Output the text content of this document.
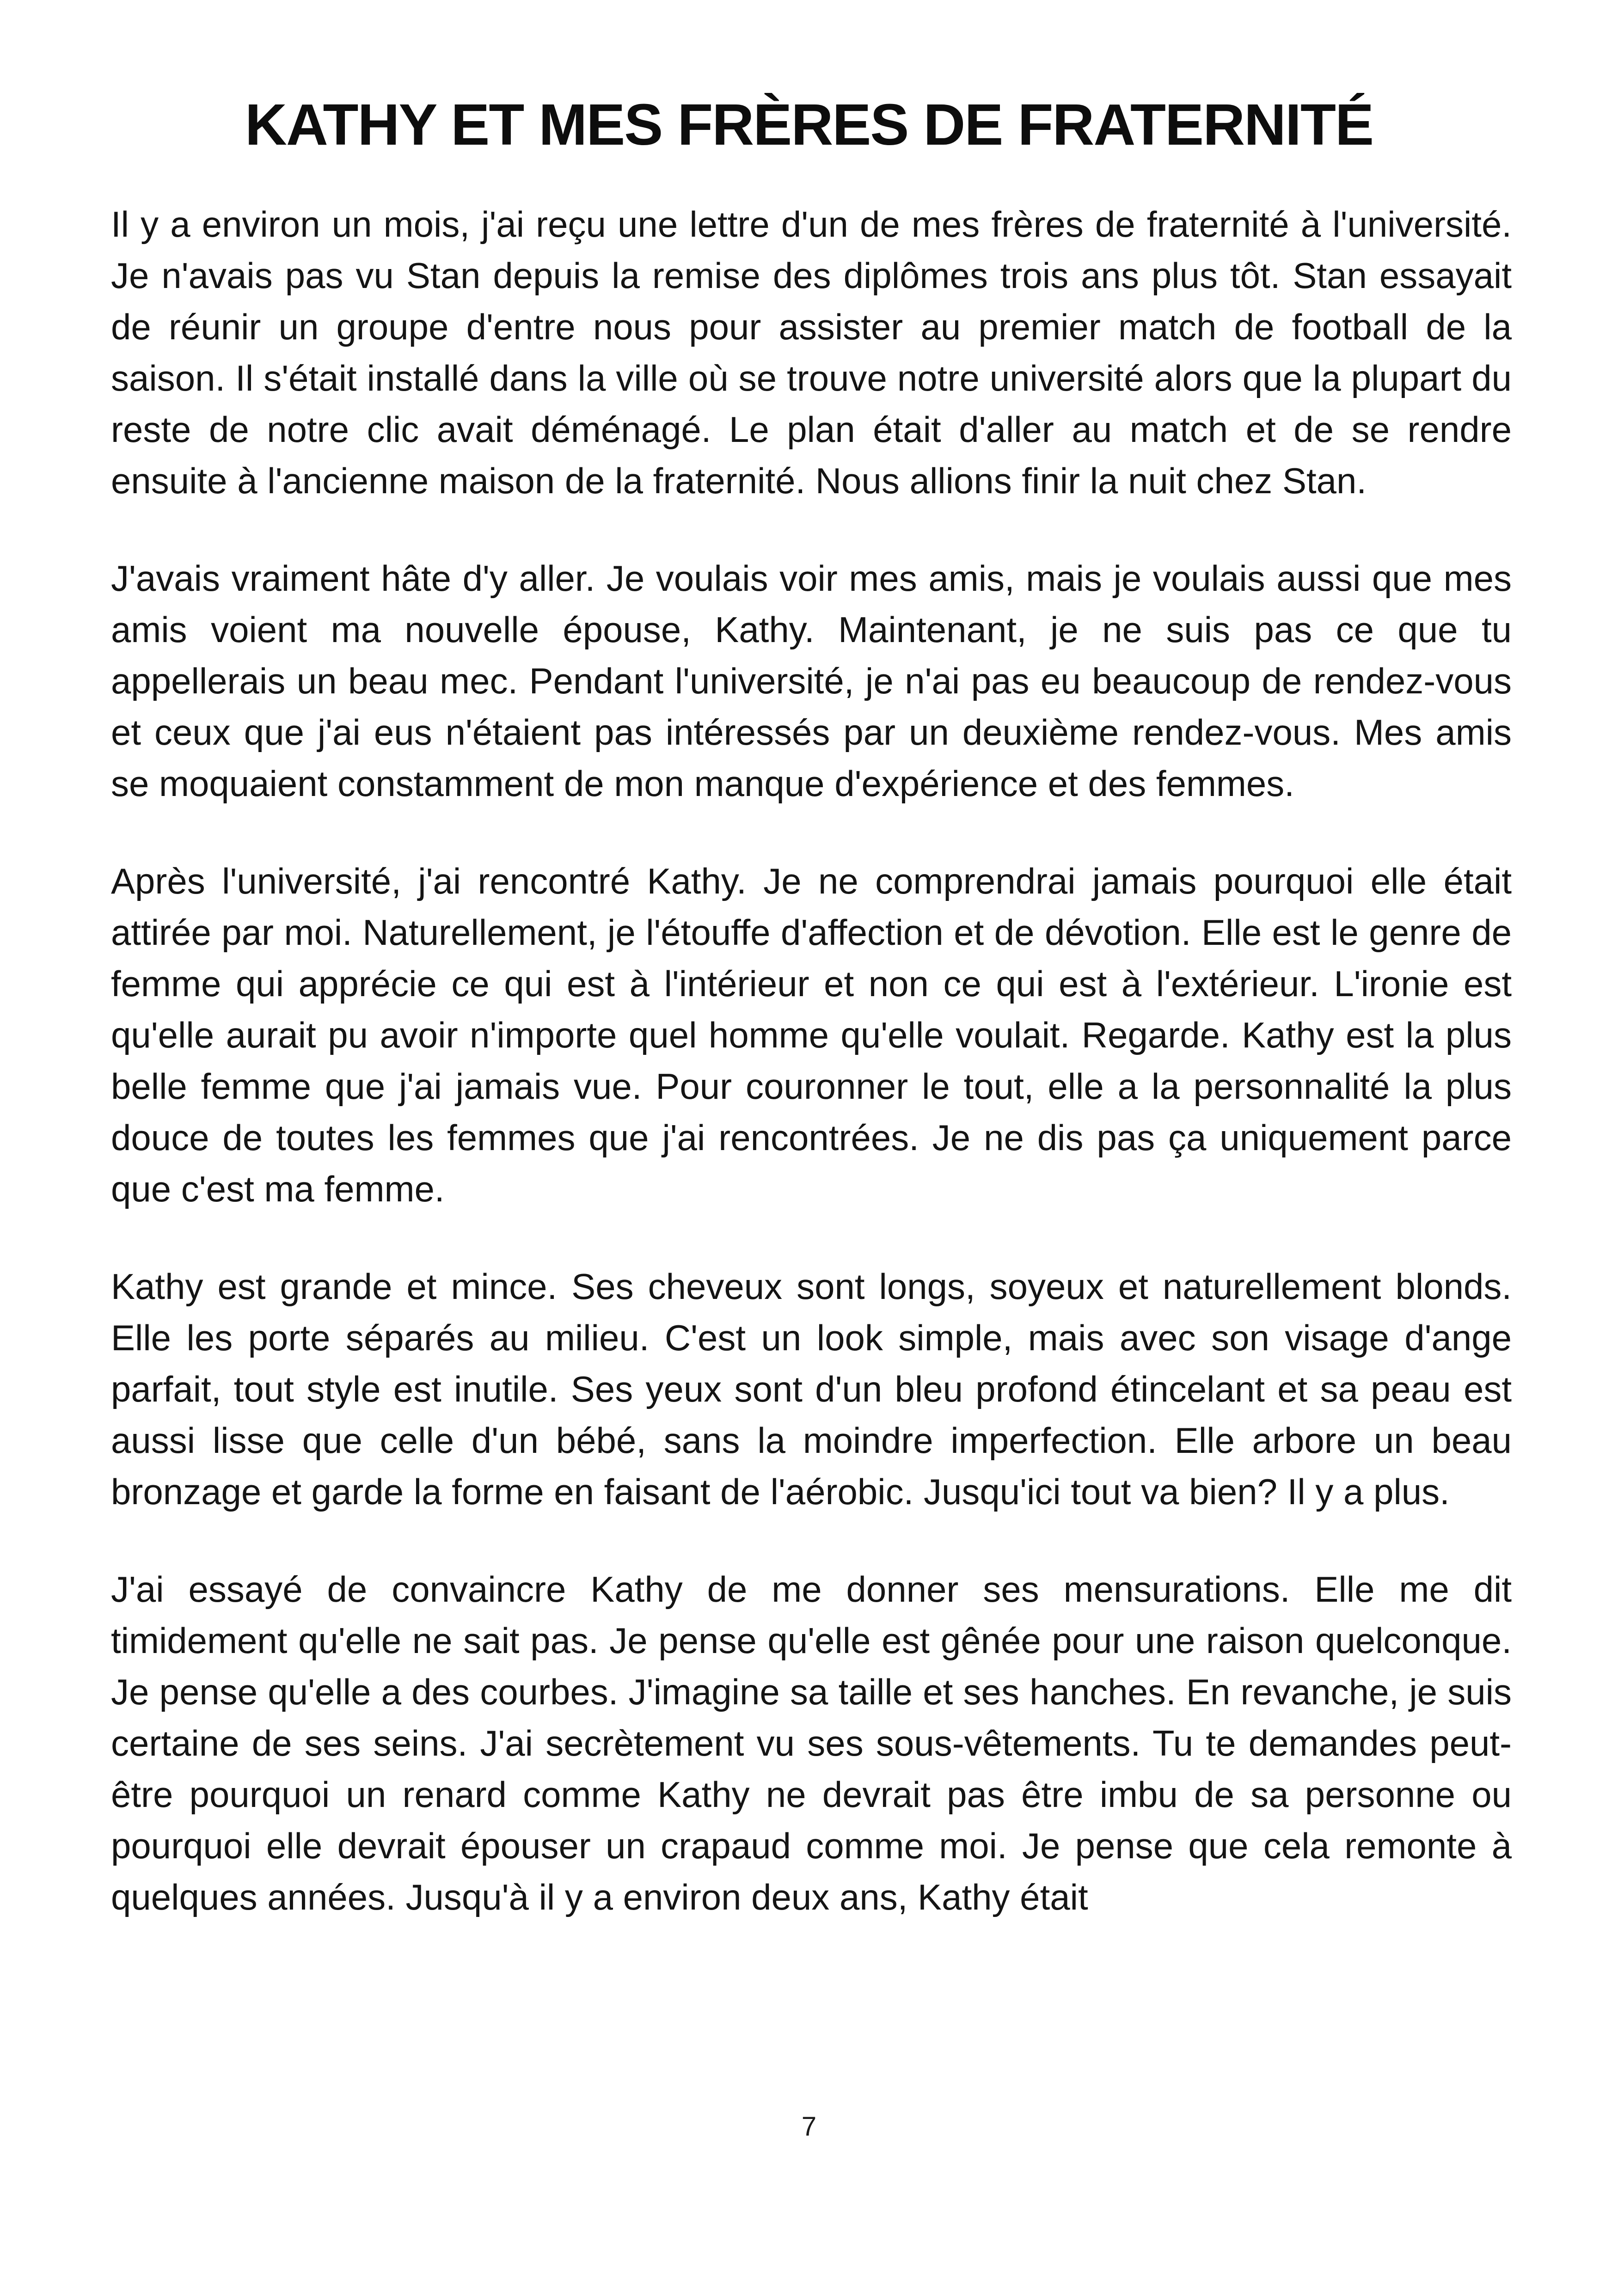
KATHY ET MES FRÈRES DE FRATERNITÉ

Il y a environ un mois, j'ai reçu une lettre d'un de mes frères de fraternité à l'université. Je n'avais pas vu Stan depuis la remise des diplômes trois ans plus tôt. Stan essayait de réunir un groupe d'entre nous pour assister au premier match de football de la saison. Il s'était installé dans la ville où se trouve notre université alors que la plupart du reste de notre clic avait déménagé. Le plan était d'aller au match et de se rendre ensuite à l'ancienne maison de la fraternité. Nous allions finir la nuit chez Stan.

J'avais vraiment hâte d'y aller. Je voulais voir mes amis, mais je voulais aussi que mes amis voient ma nouvelle épouse, Kathy. Maintenant, je ne suis pas ce que tu appellerais un beau mec. Pendant l'université, je n'ai pas eu beaucoup de rendez-vous et ceux que j'ai eus n'étaient pas intéressés par un deuxième rendez-vous. Mes amis se moquaient constamment de mon manque d'expérience et des femmes.

Après l'université, j'ai rencontré Kathy. Je ne comprendrai jamais pourquoi elle était attirée par moi. Naturellement, je l'étouffe d'affection et de dévotion. Elle est le genre de femme qui apprécie ce qui est à l'intérieur et non ce qui est à l'extérieur. L'ironie est qu'elle aurait pu avoir n'importe quel homme qu'elle voulait. Regarde. Kathy est la plus belle femme que j'ai jamais vue. Pour couronner le tout, elle a la personnalité la plus douce de toutes les femmes que j'ai rencontrées. Je ne dis pas ça uniquement parce que c'est ma femme.

Kathy est grande et mince. Ses cheveux sont longs, soyeux et naturellement blonds. Elle les porte séparés au milieu. C'est un look simple, mais avec son visage d'ange parfait, tout style est inutile. Ses yeux sont d'un bleu profond étincelant et sa peau est aussi lisse que celle d'un bébé, sans la moindre imperfection. Elle arbore un beau bronzage et garde la forme en faisant de l'aérobic. Jusqu'ici tout va bien? Il y a plus.

J'ai essayé de convaincre Kathy de me donner ses mensurations. Elle me dit timidement qu'elle ne sait pas. Je pense qu'elle est gênée pour une raison quelconque. Je pense qu'elle a des courbes. J'imagine sa taille et ses hanches. En revanche, je suis certaine de ses seins. J'ai secrètement vu ses sous-vêtements. Tu te demandes peut-être pourquoi un renard comme Kathy ne devrait pas être imbu de sa personne ou pourquoi elle devrait épouser un crapaud comme moi. Je pense que cela remonte à quelques années. Jusqu'à il y a environ deux ans, Kathy était

7
